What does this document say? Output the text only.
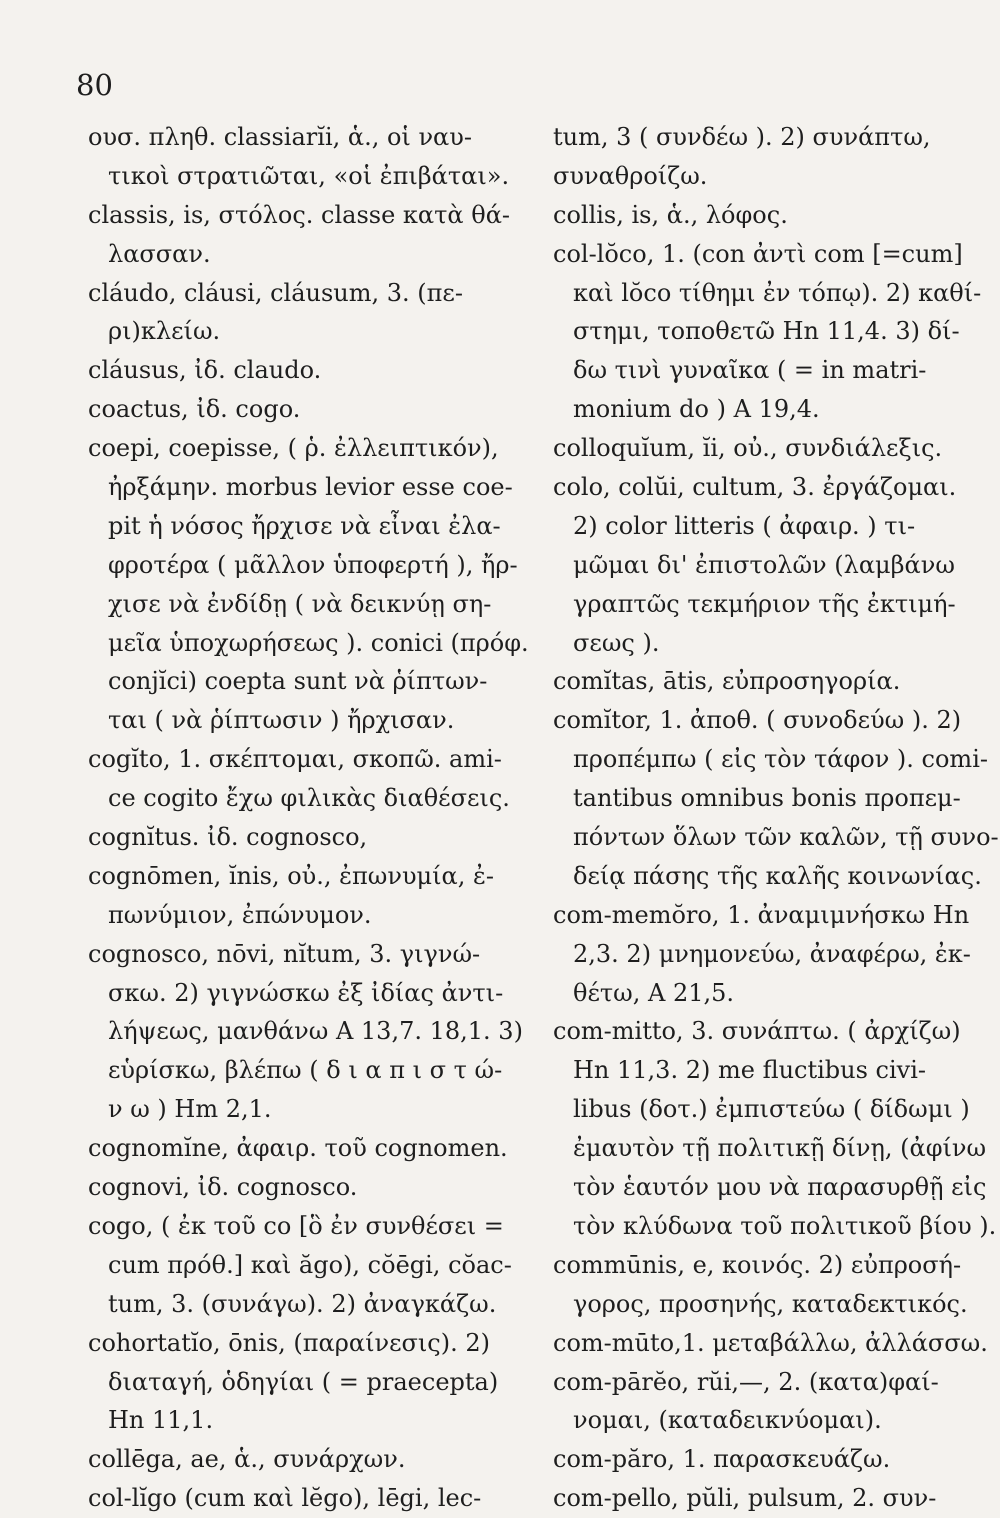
80
ουσ. πληθ. classiarĭi, ἁ., οἱ ναυ-
τικοὶ στρατιῶται, «οἱ ἐπιβάται».
classis, is, στόλος. classe κατὰ θά-
λασσαν.
cláudo, cláusi, cláusum, 3. (πε-
ρι)κλείω.
cláusus, ἰδ. claudo.
coactus, ἰδ. cogo.
coepi, coepisse, ( ῥ. ἐλλειπτικόν),
ἠρξάμην. morbus levior esse coe-
pit ἡ νόσος ἤρχισε νὰ εἶναι ἐλα-
φροτέρα ( μᾶλλον ὑποφερτή ), ἤρ-
χισε νὰ ἐνδίδῃ ( νὰ δεικνύῃ ση-
μεῖα ὑποχωρήσεως ). conici (πρόφ.
conjĭci) coepta sunt νὰ ῥίπτων-
ται ( νὰ ῥίπτωσιν ) ἤρχισαν.
cogĭto, 1. σκέπτομαι, σκοπῶ. ami-
ce cogito ἔχω φιλικὰς διαθέσεις.
cognĭtus. ἰδ. cognosco,
cognōmen, ĭnis, οὐ., ἐπωνυμία, ἐ-
πωνύμιον, ἐπώνυμον.
cognosco, nōvi, nĭtum, 3. γιγνώ-
σκω. 2) γιγνώσκω ἐξ ἰδίας ἀντι-
λήψεως, μανθάνω A 13,7. 18,1. 3)
εὑρίσκω, βλέπω ( δ ι α π ι σ τ ώ-
ν ω ) Hm 2,1.
cognomĭne, ἀφαιρ. τοῦ cognomen.
cognovi, ἰδ. cognosco.
cogo, ( ἐκ τοῦ co [ὃ ἐν συνθέσει =
cum πρόθ.] καὶ ăgo), cŏēgi, cŏac-
tum, 3. (συνάγω). 2) ἀναγκάζω.
cohortatĭo, ōnis, (παραίνεσις). 2)
διαταγή, ὁδηγίαι ( = praecepta)
Hn 11,1.
collēga, ae, ἁ., συνάρχων.
col-lĭgo (cum καὶ lĕgo), lēgi, lec-
tum, 3 ( συνδέω ). 2) συνάπτω,
συναθροίζω.
collis, is, ἁ., λόφος.
col-lŏco, 1. (con ἀντὶ com [=cum]
καὶ lŏco τίθημι ἐν τόπῳ). 2) καθί-
στημι, τοποθετῶ Hn 11,4. 3) δί-
δω τινὶ γυναῖκα ( = in matri-
monium do ) A 19,4.
colloquĭum, ĭi, οὐ., συνδιάλεξις.
colo, colŭi, cultum, 3. ἐργάζομαι.
2) color litteris ( ἀφαιρ. ) τι-
μῶμαι δι' ἐπιστολῶν (λαμβάνω
γραπτῶς τεκμήριον τῆς ἐκτιμή-
σεως ).
comĭtas, ātis, εὐπροσηγορία.
comĭtor, 1. ἀποθ. ( συνοδεύω ). 2)
προπέμπω ( εἰς τὸν τάφον ). comi-
tantibus omnibus bonis προπεμ-
πόντων ὅλων τῶν καλῶν, τῇ συνο-
δείᾳ πάσης τῆς καλῆς κοινωνίας.
com-memŏro, 1. ἀναμιμνήσκω Hn
2,3. 2) μνημονεύω, ἀναφέρω, ἐκ-
θέτω, A 21,5.
com-mitto, 3. συνάπτω. ( ἀρχίζω)
Hn 11,3. 2) me fluctibus civi-
libus (δοτ.) ἐμπιστεύω ( δίδωμι )
ἐμαυτὸν τῇ πολιτικῇ δίνῃ, (ἀφίνω
τὸν ἑαυτόν μου νὰ παρασυρθῇ εἰς
τὸν κλύδωνα τοῦ πολιτικοῦ βίου ).
commūnis, e, κοινός. 2) εὐπροσή-
γορος, προσηνής, καταδεκτικός.
com-mūto,1. μεταβάλλω, ἀλλάσσω.
com-pārĕo, rŭi,—, 2. (κατα)φαί-
νομαι, (καταδεικνύομαι).
com-păro, 1. παρασκευάζω.
com-pello, pŭli, pulsum, 2. συν-
